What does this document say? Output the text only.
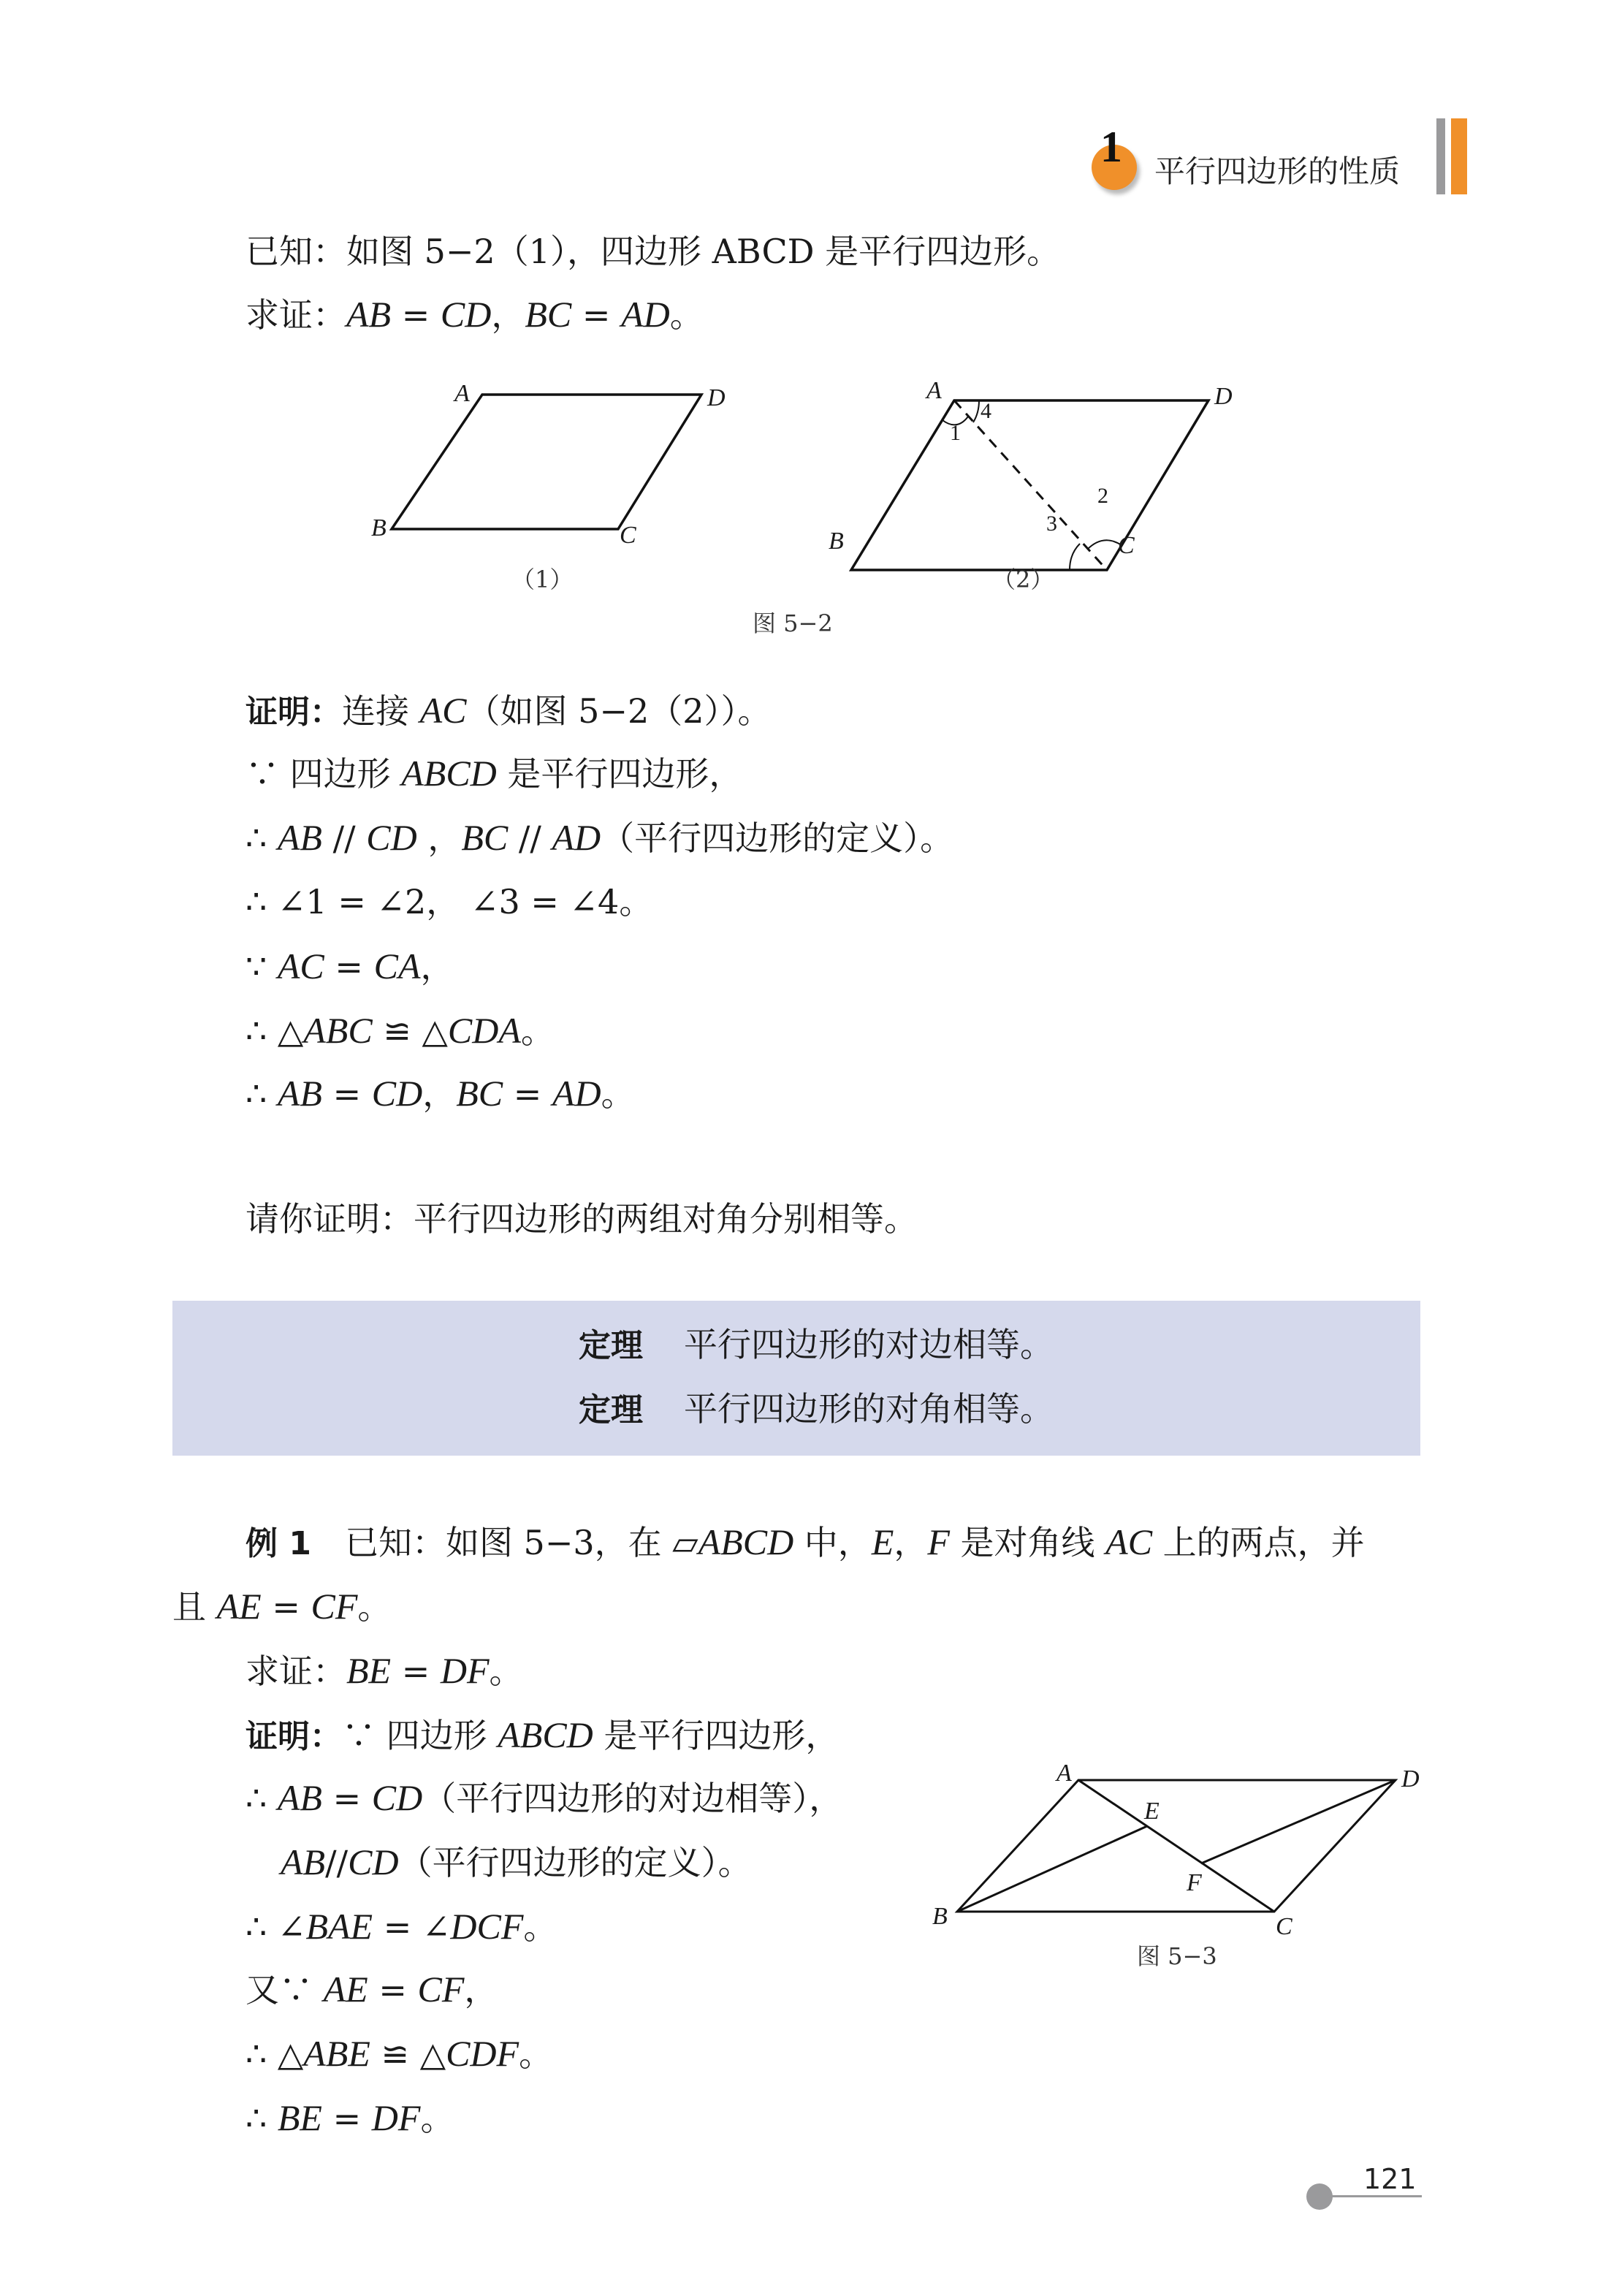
1
平行四边形的性质
已知：如图 5−2（1），四边形 ABCD 是平行四边形。
求证：AB = CD，BC = AD。
证明：连接 AC（如图 5−2（2））。
∵ 四边形 ABCD 是平行四边形，
∴ AB // CD ，BC // AD（平行四边形的定义）。
∴ ∠1 = ∠2， ∠3 = ∠4。
∵ AC = CA，
∴ △ABC ≌ △CDA。
∴ AB = CD，BC = AD。
请你证明：平行四边形的两组对角分别相等。
例 1　已知：如图 5−3，在 ▱ABCD 中，E，F 是对角线 AC 上的两点，并
且 AE = CF。
求证：BE = DF。
证明：∵ 四边形 ABCD 是平行四边形，
∴ AB = CD（平行四边形的对边相等），
AB//CD（平行四边形的定义）。
∴ ∠BAE = ∠DCF。
又∵ AE = CF，
∴ △ABE ≌ △CDF。
∴ BE = DF。
定理 平行四边形的对边相等。
定理 平行四边形的对角相等。
A	D
B	C
（1）
A	D
B	C
1
2
3
4
（2）
图 5−2
A	D
B	C
E
F
图 5−3
121
